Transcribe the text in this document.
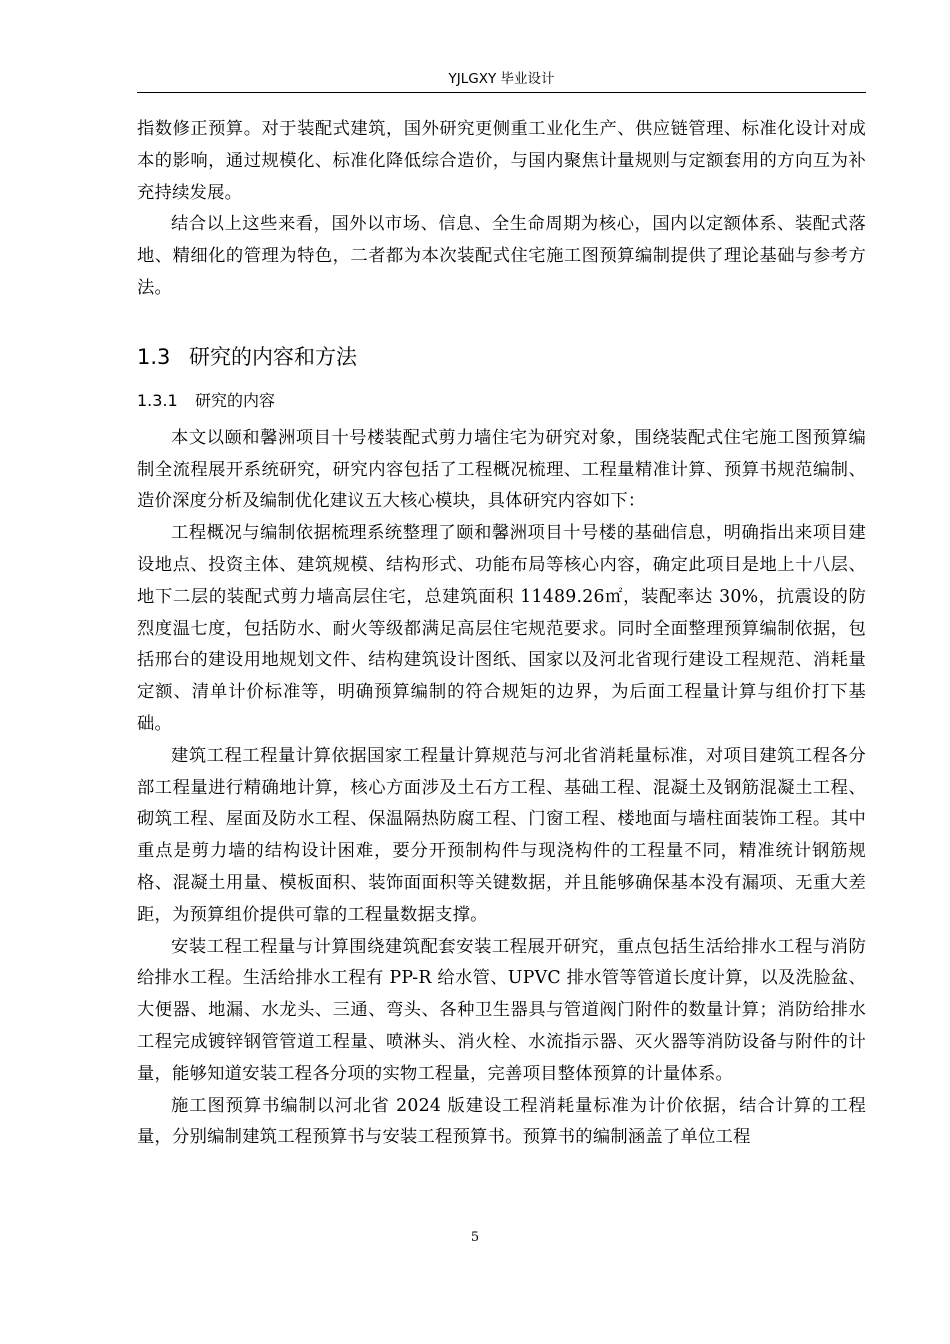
YJLGXY 毕业设计

指数修正预算。对于装配式建筑，国外研究更侧重工业化生产、供应链管理、标准化设计对成本的影响，通过规模化、标准化降低综合造价，与国内聚焦计量规则与定额套用的方向互为补充持续发展。

结合以上这些来看，国外以市场、信息、全生命周期为核心，国内以定额体系、装配式落地、精细化的管理为特色，二者都为本次装配式住宅施工图预算编制提供了理论基础与参考方法。

1.3 研究的内容和方法
1.3.1 研究的内容

本文以颐和馨洲项目十号楼装配式剪力墙住宅为研究对象，围绕装配式住宅施工图预算编制全流程展开系统研究，研究内容包括了工程概况梳理、工程量精准计算、预算书规范编制、造价深度分析及编制优化建议五大核心模块，具体研究内容如下：

工程概况与编制依据梳理系统整理了颐和馨洲项目十号楼的基础信息，明确指出来项目建设地点、投资主体、建筑规模、结构形式、功能布局等核心内容，确定此项目是地上十八层、地下二层的装配式剪力墙高层住宅，总建筑面积 11489.26㎡，装配率达 30%，抗震设的防烈度温七度，包括防水、耐火等级都满足高层住宅规范要求。同时全面整理预算编制依据，包括邢台的建设用地规划文件、结构建筑设计图纸、国家以及河北省现行建设工程规范、消耗量定额、清单计价标准等，明确预算编制的符合规矩的边界，为后面工程量计算与组价打下基础。

建筑工程工程量计算依据国家工程量计算规范与河北省消耗量标准，对项目建筑工程各分部工程量进行精确地计算，核心方面涉及土石方工程、基础工程、混凝土及钢筋混凝土工程、砌筑工程、屋面及防水工程、保温隔热防腐工程、门窗工程、楼地面与墙柱面装饰工程。其中重点是剪力墙的结构设计困难，要分开预制构件与现浇构件的工程量不同，精准统计钢筋规格、混凝土用量、模板面积、装饰面面积等关键数据，并且能够确保基本没有漏项、无重大差距，为预算组价提供可靠的工程量数据支撑。

安装工程工程量与计算围绕建筑配套安装工程展开研究，重点包括生活给排水工程与消防给排水工程。生活给排水工程有 PP-R 给水管、UPVC 排水管等管道长度计算，以及洗脸盆、大便器、地漏、水龙头、三通、弯头、各种卫生器具与管道阀门附件的数量计算；消防给排水工程完成镀锌钢管管道工程量、喷淋头、消火栓、水流指示器、灭火器等消防设备与附件的计量，能够知道安装工程各分项的实物工程量，完善项目整体预算的计量体系。

施工图预算书编制以河北省 2024 版建设工程消耗量标准为计价依据，结合计算的工程量，分别编制建筑工程预算书与安装工程预算书。预算书的编制涵盖了单位工程

5
